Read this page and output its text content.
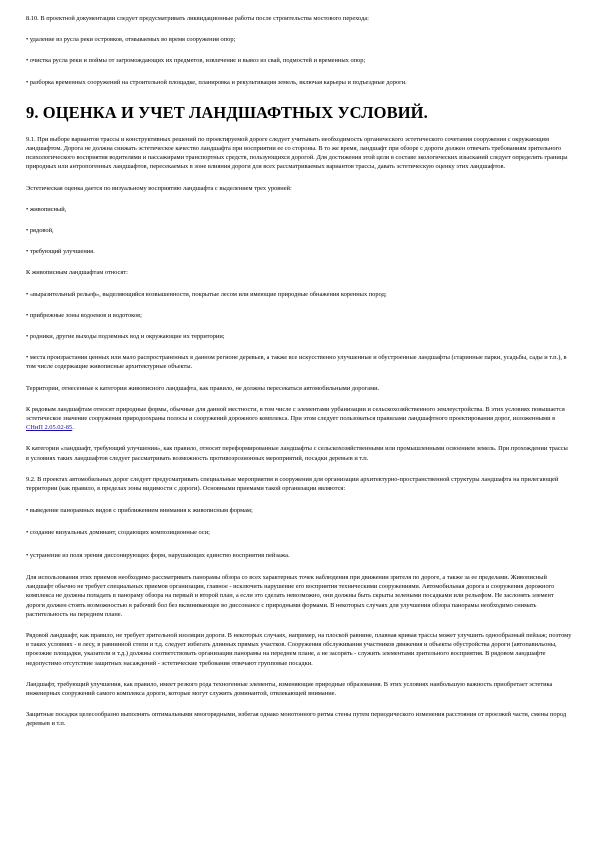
8.10. В проектной документации следует предусматривать ликвидационные работы после строительства мостового перехода:

• удаление из русла реки островков, отмываемых во время сооружения опор;

• очистка русла реки и поймы от загромождающих их предметов, извлечение и вывоз из свай, подмостей и временных опор;

• разборка временных сооружений на строительной площадке, планировка и рекультивация земель, включая карьеры и подъездные дороги.

9. ОЦЕНКА И УЧЕТ ЛАНДШАФТНЫХ УСЛОВИЙ.

9.1. При выборе вариантов трассы и конструктивных решений по проектируемой дороге следует учитывать необходимость органического эстетического сочетания сооружения с окружающим ландшафтом. Дорога не должна снижать эстетическое качество ландшафта при восприятии ее со стороны. В то же время, ландшафт при обзоре с дороги должен отвечать требованиям зрительного психологического восприятия водителями и пассажирами транспортных средств, пользующихся дорогой. Для достижения этой цели в составе экологических изысканий следует определять границы природных или антропогенных ландшафтов, пересекаемых в зоне влияния дороги для всех рассматриваемых вариантов трассы, давать эстетическую оценку этих ландшафтов.

Эстетическая оценка дается по визуальному восприятию ландшафта с выделением трех уровней:

• живописный,

• рядовой,

• требующий улучшения.

К живописным ландшафтам относят:

• «выразительный рельеф», выделяющийся возвышенности, покрытые лесом или имеющие природные обнажения коренных пород;

• прибрежные зоны водоемов и водотоков;

• родники, другие выходы подземных вод и окружающие их территории;

• места произрастания ценных или мало распространенных в данном регионе деревьев, а также все искусственно улучшенные и обустроенные ландшафты (старинные парки, усадьбы, сады и т.п.), в том числе содержащие живописные архитектурные объекты.

Территории, отнесенные к категории живописного ландшафта, как правило, не должны пересекаться автомобильными дорогами.

К рядовым ландшафтам относят природные формы, обычные для данной местности, в том числе с элементами урбанизации и сельскохозяйственного землеустройства. В этих условиях повышается эстетическое значение сооружения природоохраны полосы и сооружений дорожного комплекса. При этом следует пользоваться правилами ландшафтного проектирования дорог, изложенными в СНиП 2.05.02-85.

К категории «ландшафт, требующий улучшения», как правило, относят переформированные ландшафты с сельскохозяйственными или промышленными освоением земель. При прохождении трассы в условиях таких ландшафтов следует рассматривать возможность противоэрозионных мероприятий, посадки деревьев и т.п.

9.2. В проектах автомобильных дорог следует предусматривать специальные мероприятия и сооружения для организации архитектурно-пространственной структуры ландшафта на прилегающей территории (как правило, в пределах зоны видимости с дороги). Основными приемами такой организации являются:

• выведение панорамных видов с приближением внимания к живописным формам;

• создание визуальных доминант, создающих композиционные оси;

• устранение из поля зрения диссонирующих форм, нарушающих единство восприятия пейзажа.

Для использования этих приемов необходимо рассматривать панорамы обзора со всех характерных точек наблюдения при движении зрителя по дороге, а также за ее пределами. Живописный ландшафт обычно не требует специальных приемов организации, главное - исключить нарушение его восприятия техническими сооружениями. Автомобильная дорога и сооружения дорожного комплекса не должны попадать в панораму обзора на первый и второй план, а если это сделать невозможно, они должны быть скрыты зелеными посадками или рельефом. Не заслонять элемент дороги должен стоять возможностью в рабочий бол без вклинивающее во диссонансе с природными формами. В некоторых случаях для улучшения обзора панорамы необходимо снимать растительность на переднем плане.

Рядовой ландшафт, как правило, не требует зрительной изоляции дороги. В некоторых случаях, например, на плоской равнине, плавная кривая трассы может улучшить однообразный пейзаж; поэтому в таких условиях - в лесу, в равнинной степи и т.д. следует избегать длинных прямых участков. Сооружения обслуживания участников движения и объекты обустройства дороги (автопавильоны, проезжие площадки, указатели и т.д.) должны соответствовать организации панорамы на переднем плане, а не засорять - служить элементами зрительного восприятия. В рядовом ландшафте недопустимо отсутствие защитных насаждений - эстетические требования отвечают групповые посадки.

Ландшафт, требующий улучшения, как правило, имеет резкого рода техногенные элементы, изменяющие природные образования. В этих условиях наибольшую важность приобретает эстетика инженерных сооружений самого комплекса дороги, которые могут служить доминантой, отвлекающей внимание.

Защитные посадки целесообразно выполнять оптимальными многорядными, избегая однако монотонного ритма стены путем периодического изменения расстояния от проезжей части, смены пород деревьев и т.п.
